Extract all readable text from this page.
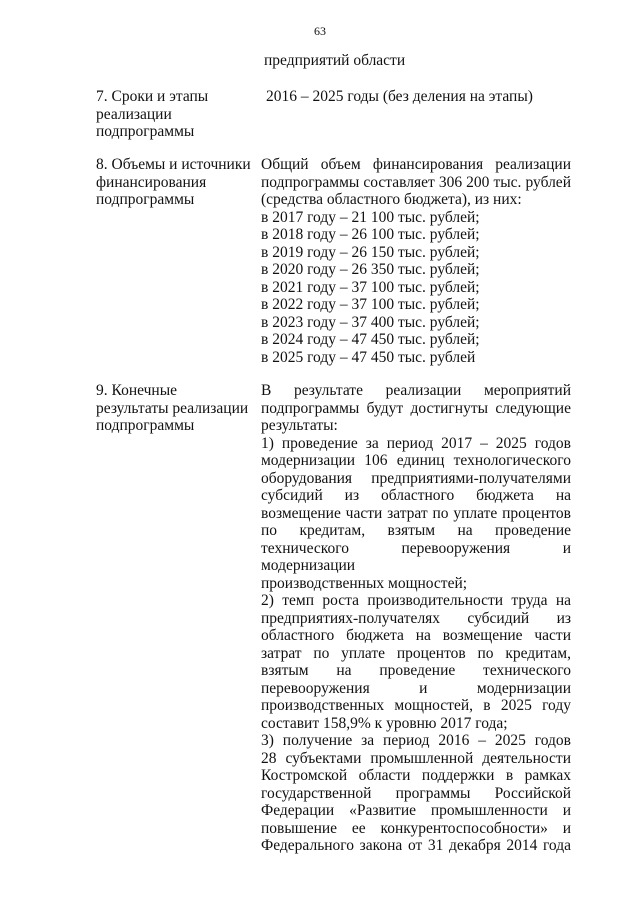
63
предприятий области
7. Сроки и этапы
реализации
подпрограммы
2016 – 2025 годы (без деления на этапы)
8. Объемы и источники
финансирования
подпрограммы
Общий объем финансирования реализации
подпрограммы составляет 306 200 тыс. рублей
(средства областного бюджета), из них:
в 2017 году – 21 100 тыс. рублей;
в 2018 году – 26 100 тыс. рублей;
в 2019 году – 26 150 тыс. рублей;
в 2020 году – 26 350 тыс. рублей;
в 2021 году – 37 100 тыс. рублей;
в 2022 году – 37 100 тыс. рублей;
в 2023 году – 37 400 тыс. рублей;
в 2024 году – 47 450 тыс. рублей;
в 2025 году – 47 450 тыс. рублей
9. Конечные
результаты реализации
подпрограммы
В результате реализации мероприятий
подпрограммы будут достигнуты следующие
результаты:
1) проведение за период 2017 – 2025 годов
модернизации 106 единиц технологического
оборудования предприятиями-получателями
субсидий из областного бюджета на
возмещение части затрат по уплате процентов
по кредитам, взятым на проведение
технического перевооружения и модернизации
производственных мощностей;
2) темп роста производительности труда на
предприятиях-получателях субсидий из
областного бюджета на возмещение части
затрат по уплате процентов по кредитам,
взятым на проведение технического
перевооружения и модернизации
производственных мощностей, в 2025 году
составит 158,9% к уровню 2017 года;
3) получение за период 2016 – 2025 годов
28 субъектами промышленной деятельности
Костромской области поддержки в рамках
государственной программы Российской
Федерации «Развитие промышленности и
повышение ее конкурентоспособности» и
Федерального закона от 31 декабря 2014 года
